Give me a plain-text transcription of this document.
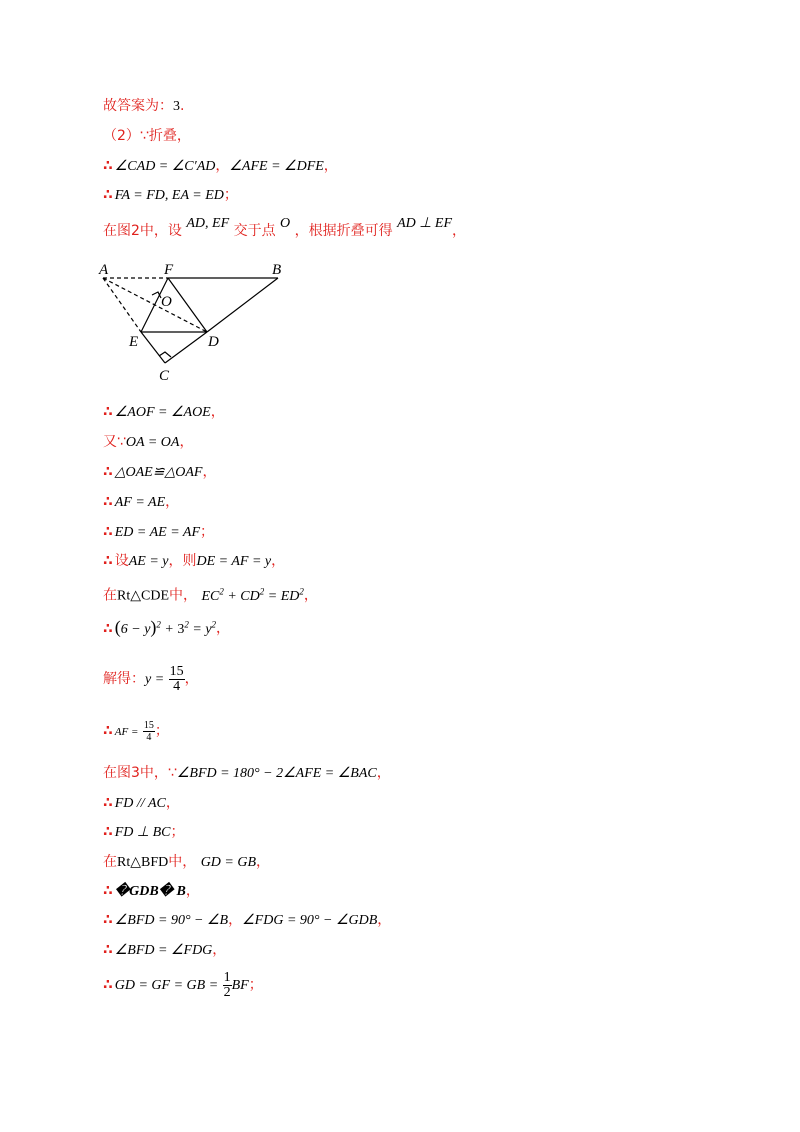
故答案为：3.
（2）∵折叠，
∴ ∠CAD = ∠C′AD，∠AFE = ∠DFE，
∴ FA = FD, EA = ED；
在图2中，设 AD, EF 交于点 O ，根据折叠可得 AD ⊥ EF，
A	F	B
O
E	D
C
∴ ∠AOF = ∠AOE，
又∵OA = OA，
∴ △OAE≌△OAF，
∴ AF = AE，
∴ ED = AE = AF；
∴ 设AE = y，则DE = AF = y，
在Rt△CDE中， $EC^2 + CD^2 = ED^2$，
∴ $(6 - y)^2 + 3^2 = y^2$，
解得：$y = \frac{15}{4}$ ，
∴ AF = $\frac{15}{4}$ ；
在图3中，∵∠BFD = 180° − 2∠AFE = ∠BAC，
∴ FD // AC，
∴ FD ⊥ BC；
在Rt△BFD中， GD = GB，
∴ �GDB� B，
∴ ∠BFD = 90° − ∠B，∠FDG = 90° − ∠GDB，
∴ ∠BFD = ∠FDG，
∴ GD = GF = GB = $\frac{1}{2}$ BF；
